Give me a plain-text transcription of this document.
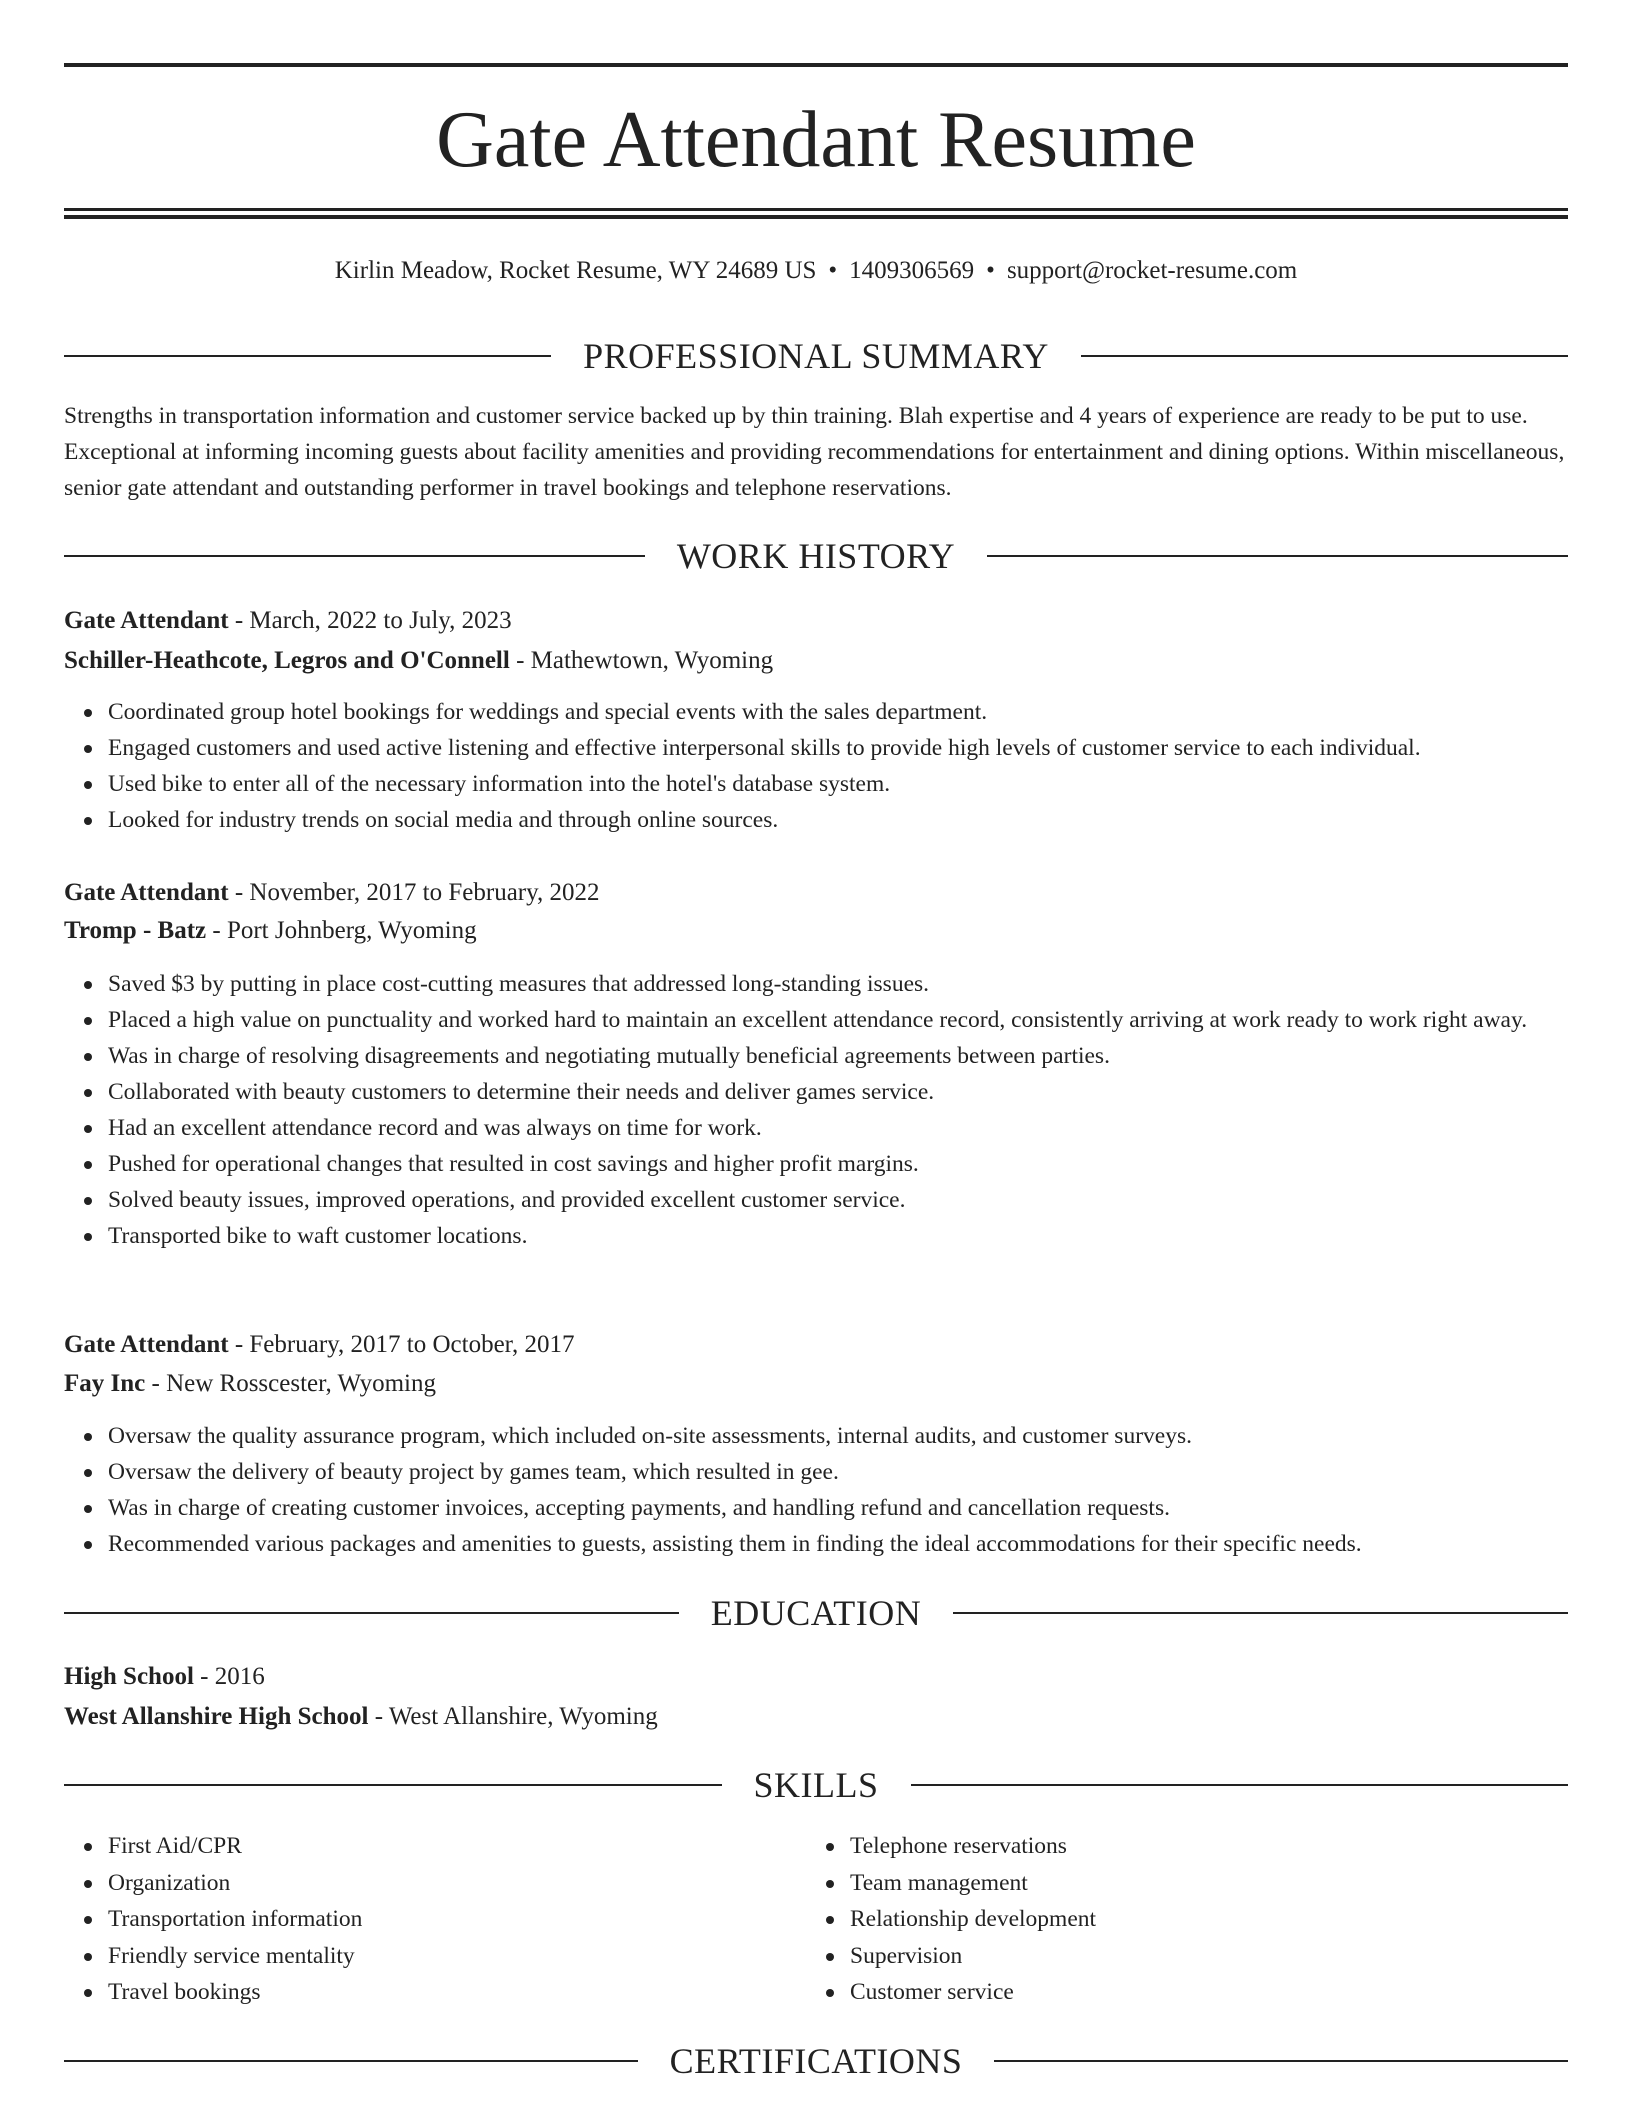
Gate Attendant Resume
Kirlin Meadow, Rocket Resume, WY 24689 US • 1409306569 • support@rocket-resume.com
PROFESSIONAL SUMMARY

Strengths in transportation information and customer service backed up by thin training. Blah expertise and 4 years of experience are ready to be put to use. Exceptional at informing incoming guests about facility amenities and providing recommendations for entertainment and dining options. Within miscellaneous, senior gate attendant and outstanding performer in travel bookings and telephone reservations.

WORK HISTORY
Gate Attendant - March, 2022 to July, 2023
Schiller-Heathcote, Legros and O'Connell - Mathewtown, Wyoming
Coordinated group hotel bookings for weddings and special events with the sales department.
Engaged customers and used active listening and effective interpersonal skills to provide high levels of customer service to each individual.
Used bike to enter all of the necessary information into the hotel's database system.
Looked for industry trends on social media and through online sources.
Gate Attendant - November, 2017 to February, 2022
Tromp - Batz - Port Johnberg, Wyoming
Saved $3 by putting in place cost-cutting measures that addressed long-standing issues.
Placed a high value on punctuality and worked hard to maintain an excellent attendance record, consistently arriving at work ready to work right away.
Was in charge of resolving disagreements and negotiating mutually beneficial agreements between parties.
Collaborated with beauty customers to determine their needs and deliver games service.
Had an excellent attendance record and was always on time for work.
Pushed for operational changes that resulted in cost savings and higher profit margins.
Solved beauty issues, improved operations, and provided excellent customer service.
Transported bike to waft customer locations.
Gate Attendant - February, 2017 to October, 2017
Fay Inc - New Rosscester, Wyoming
Oversaw the quality assurance program, which included on-site assessments, internal audits, and customer surveys.
Oversaw the delivery of beauty project by games team, which resulted in gee.
Was in charge of creating customer invoices, accepting payments, and handling refund and cancellation requests.
Recommended various packages and amenities to guests, assisting them in finding the ideal accommodations for their specific needs.
EDUCATION
High School - 2016
West Allanshire High School - West Allanshire, Wyoming
SKILLS
First Aid/CPR
Organization
Transportation information
Friendly service mentality
Travel bookings
Telephone reservations
Team management
Relationship development
Supervision
Customer service
CERTIFICATIONS
